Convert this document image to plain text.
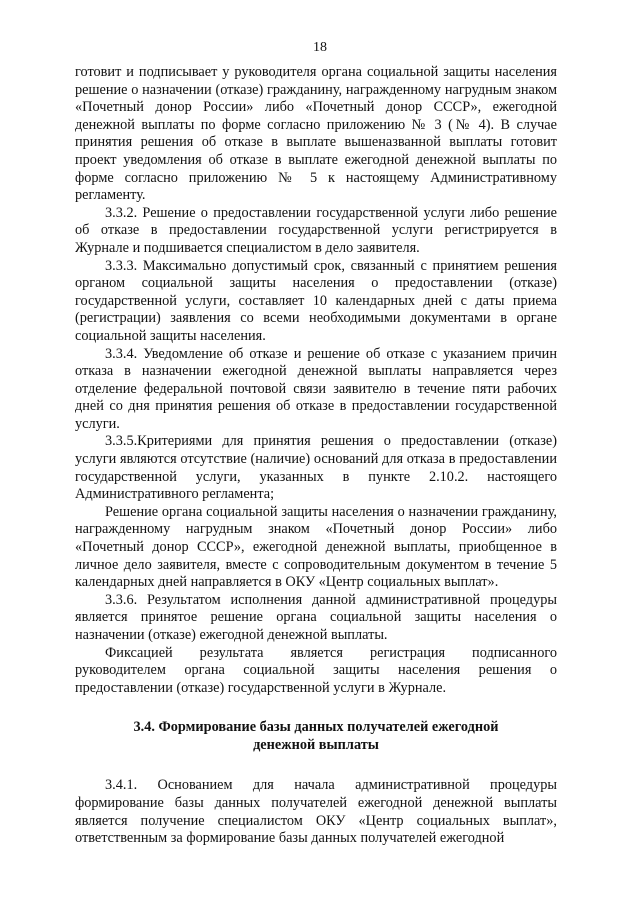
18

готовит и подписывает у руководителя органа социальной защиты населения решение о назначении (отказе) гражданину, награжденному нагрудным знаком «Почетный донор России» либо «Почетный донор СССР», ежегодной денежной выплаты по форме согласно приложению № 3 (№ 4). В случае принятия решения об отказе в выплате вышеназванной выплаты готовит проект уведомления об отказе в выплате ежегодной денежной выплаты по форме согласно приложению № 5 к настоящему Административному регламенту.

3.3.2. Решение о предоставлении государственной услуги либо решение об отказе в предоставлении государственной услуги регистрируется в Журнале и подшивается специалистом в дело заявителя.

3.3.3. Максимально допустимый срок, связанный с принятием решения органом социальной защиты населения о предоставлении (отказе) государственной услуги, составляет 10 календарных дней с даты приема (регистрации) заявления со всеми необходимыми документами в органе социальной защиты населения.

3.3.4. Уведомление об отказе и решение об отказе с указанием причин отказа в назначении ежегодной денежной выплаты направляется через отделение федеральной почтовой связи заявителю в течение пяти рабочих дней со дня принятия решения об отказе в предоставлении государственной услуги.

3.3.5.Критериями для принятия решения о предоставлении (отказе) услуги являются отсутствие (наличие) оснований для отказа в предоставлении государственной услуги, указанных в пункте 2.10.2. настоящего Административного регламента;

Решение органа социальной защиты населения о назначении гражданину, награжденному нагрудным знаком «Почетный донор России» либо «Почетный донор СССР», ежегодной денежной выплаты, приобщенное в личное дело заявителя, вместе с сопроводительным документом в течение 5 календарных дней направляется в ОКУ «Центр социальных выплат».

3.3.6. Результатом исполнения данной административной процедуры является принятое решение органа социальной защиты населения о назначении (отказе) ежегодной денежной выплаты.

Фиксацией результата является регистрация подписанного руководителем органа социальной защиты населения решения о предоставлении (отказе) государственной услуги в Журнале.

3.4. Формирование базы данных получателей ежегодной
денежной выплаты

3.4.1. Основанием для начала административной процедуры формирование базы данных получателей ежегодной денежной выплаты является получение специалистом ОКУ «Центр социальных выплат», ответственным за формирование базы данных получателей ежегодной
